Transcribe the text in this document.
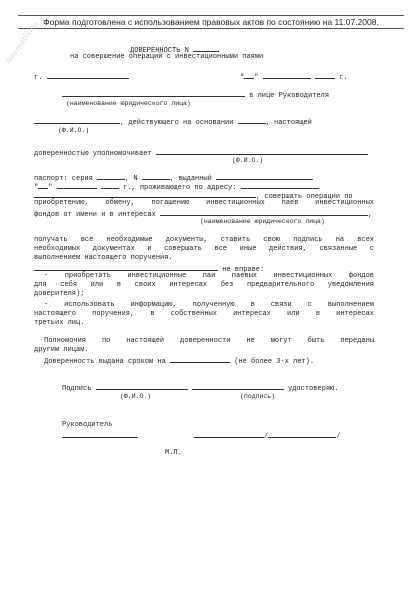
Форма подготовлена с использованием правовых актов по состоянию на 11.07.2008.
Normativ.ru	ДОВЕРЕННОСТЬ N
на совершение операций с инвестиционными паями
г.	" "	г.
в лице Руководителя
(наименование юридического лица)
, действующего на основании	, настоящей
(Ф.И.О.)
доверенностью уполномочивает
(Ф.И.О.)
паспорт: серия	, N	, выданный
" "	г., проживающего по адресу:
, совершать операции по
приобретению, обмену, погашению инвестиционных паев инвестиционных
фондов от имени и в интересах	,
(наименование юридического лица)
получать все необходимые документы, ставить свою подпись на всех
необходимых документах и совершать все иные действия, связанные с
выполнением настоящего поручения.
не вправе:
- приобретать инвестиционные паи паевых инвестиционных фондов
для себя или в своих интересах без предварительного уведомления
доверителя);
- использовать информацию, полученную в связи с выполнением
настоящего поручения, в собственных интересах или в интересах
третьих лиц.
Полномочия по настоящей доверенности не могут быть переданы
другим лицам.
Доверенность выдана сроком на	(не более 3-х лет).
Подпись	удостоверяю.
(Ф.И.О.)	(подпись)
Руководитель
/	/
М.П.
